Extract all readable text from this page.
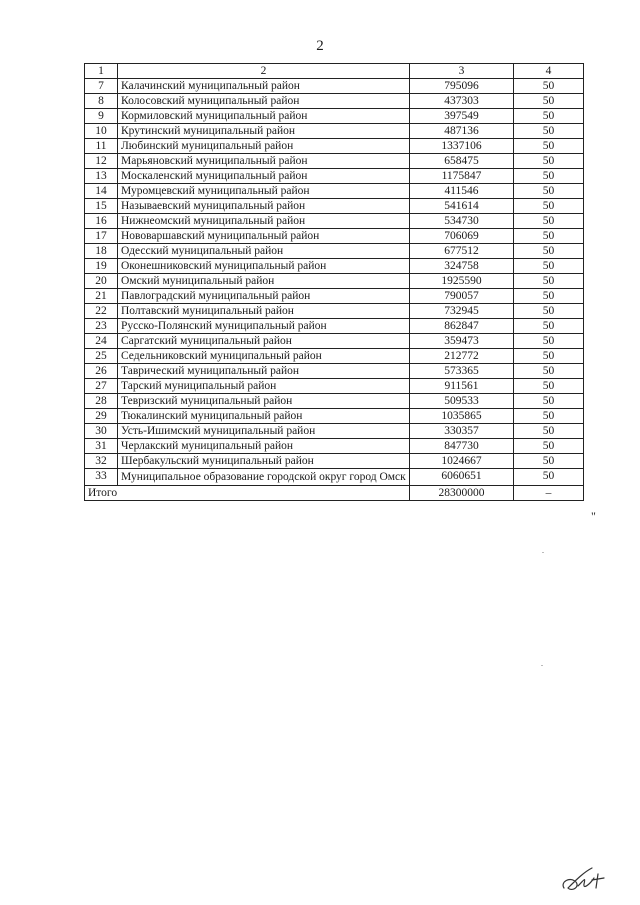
2
1	2	3	4
7	Калачинский муниципальный район	795096	50
8	Колосовский муниципальный район	437303	50
9	Кормиловский муниципальный район	397549	50
10	Крутинский муниципальный район	487136	50
11	Любинский муниципальный район	1337106	50
12	Марьяновский муниципальный район	658475	50
13	Москаленский муниципальный район	1175847	50
14	Муромцевский муниципальный район	411546	50
15	Называевский муниципальный район	541614	50
16	Нижнеомский муниципальный район	534730	50
17	Нововаршавский муниципальный район	706069	50
18	Одесский муниципальный район	677512	50
19	Оконешниковский муниципальный район	324758	50
20	Омский муниципальный район	1925590	50
21	Павлоградский муниципальный район	790057	50
22	Полтавский муниципальный район	732945	50
23	Русско-Полянский муниципальный район	862847	50
24	Саргатский муниципальный район	359473	50
25	Седельниковский муниципальный район	212772	50
26	Таврический муниципальный район	573365	50
27	Тарский муниципальный район	911561	50
28	Тевризский муниципальный район	509533	50
29	Тюкалинский муниципальный район	1035865	50
30	Усть-Ишимский муниципальный район	330357	50
31	Черлакский муниципальный район	847730	50
32	Шербакульский муниципальный район	1024667	50
33	Муниципальное образование городской округ город Омск	6060651	50
Итого		28300000	–
"
